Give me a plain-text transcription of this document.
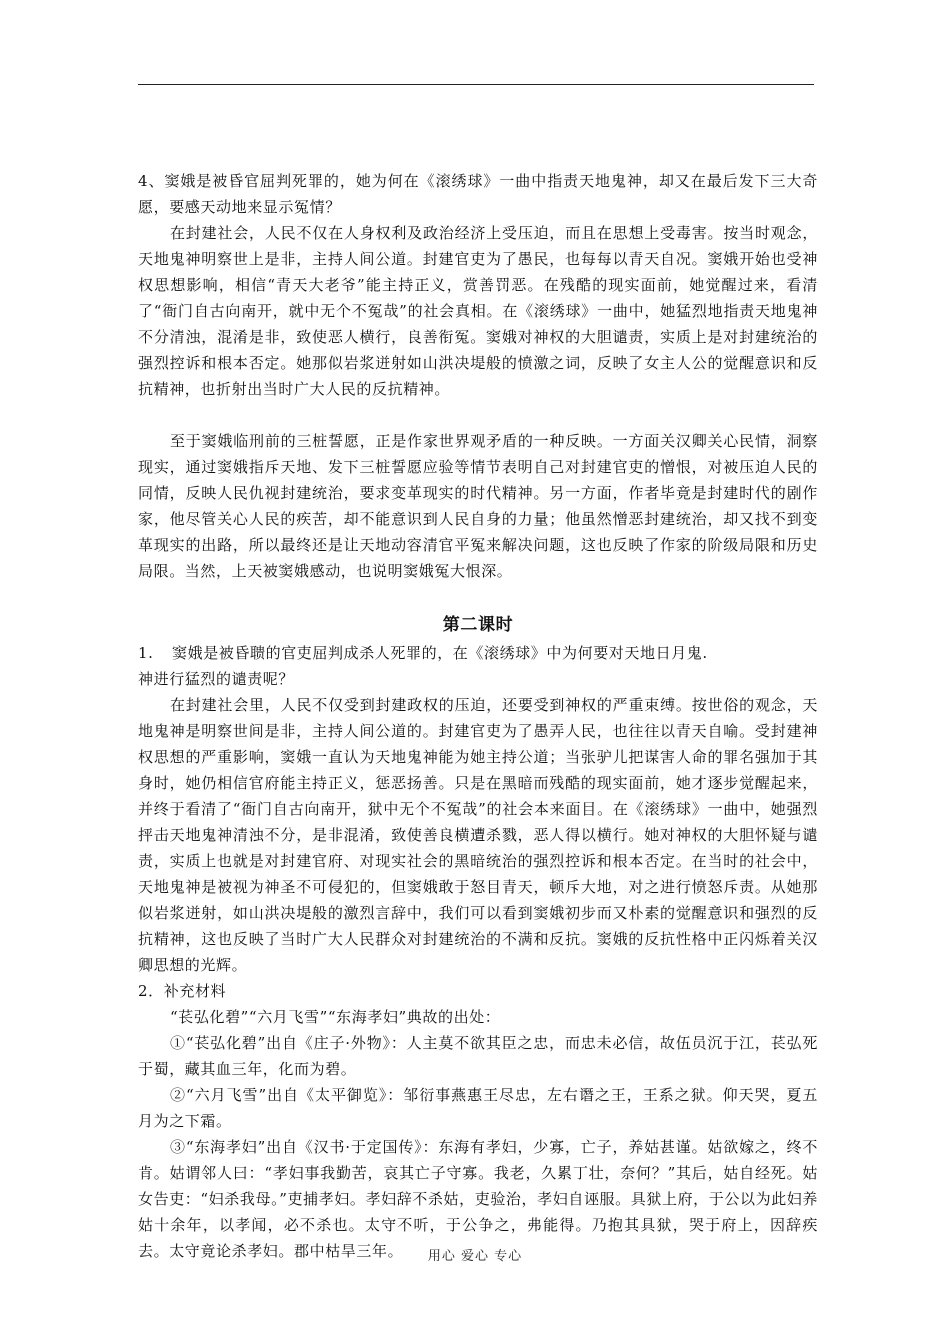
4、窦娥是被昏官屈判死罪的，她为何在《滚绣球》一曲中指责天地鬼神，却又在最后发下三大奇愿，要感天动地来显示冤情？

在封建社会，人民不仅在人身权利及政治经济上受压迫，而且在思想上受毒害。按当时观念，天地鬼神明察世上是非，主持人间公道。封建官吏为了愚民，也每每以青天自况。窦娥开始也受神权思想影响，相信“青天大老爷”能主持正义，赏善罚恶。在残酷的现实面前，她觉醒过来，看清了“衙门自古向南开，就中无个不冤哉”的社会真相。在《滚绣球》一曲中，她猛烈地指责天地鬼神不分清浊，混淆是非，致使恶人横行，良善衔冤。窦娥对神权的大胆谴责，实质上是对封建统治的强烈控诉和根本否定。她那似岩浆迸射如山洪决堤般的愤激之词，反映了女主人公的觉醒意识和反抗精神，也折射出当时广大人民的反抗精神。

至于窦娥临刑前的三桩誓愿，正是作家世界观矛盾的一种反映。一方面关汉卿关心民情，洞察现实，通过窦娥指斥天地、发下三桩誓愿应验等情节表明自己对封建官吏的憎恨，对被压迫人民的同情，反映人民仇视封建统治，要求变革现实的时代精神。另一方面，作者毕竟是封建时代的剧作家，他尽管关心人民的疾苦，却不能意识到人民自身的力量；他虽然憎恶封建统治，却又找不到变革现实的出路，所以最终还是让天地动容清官平冤来解决问题，这也反映了作家的阶级局限和历史局限。当然，上天被窦娥感动，也说明窦娥冤大恨深。

第二课时

1. 窦娥是被昏聩的官吏屈判成杀人死罪的，在《滚绣球》中为何要对天地日月鬼.

神进行猛烈的谴责呢？

在封建社会里，人民不仅受到封建政权的压迫，还要受到神权的严重束缚。按世俗的观念，天地鬼神是明察世间是非，主持人间公道的。封建官吏为了愚弄人民，也往往以青天自喻。受封建神权思想的严重影响，窦娥一直认为天地鬼神能为她主持公道；当张驴儿把谋害人命的罪名强加于其身时，她仍相信官府能主持正义，惩恶扬善。只是在黑暗而残酷的现实面前，她才逐步觉醒起来，并终于看清了“衙门自古向南开，狱中无个不冤哉”的社会本来面目。在《滚绣球》一曲中，她强烈抨击天地鬼神清浊不分，是非混淆，致使善良横遭杀戮，恶人得以横行。她对神权的大胆怀疑与谴责，实质上也就是对封建官府、对现实社会的黑暗统治的强烈控诉和根本否定。在当时的社会中，天地鬼神是被视为神圣不可侵犯的，但窦娥敢于怒目青天，顿斥大地，对之进行愤怒斥责。从她那似岩浆迸射，如山洪决堤般的激烈言辞中，我们可以看到窦娥初步而又朴素的觉醒意识和强烈的反抗精神，这也反映了当时广大人民群众对封建统治的不满和反抗。窦娥的反抗性格中正闪烁着关汉卿思想的光辉。

2．补充材料

“苌弘化碧”“六月飞雪”“东海孝妇”典故的出处：

①“苌弘化碧”出自《庄子·外物》：人主莫不欲其臣之忠，而忠未必信，故伍员沉于江，苌弘死于蜀，藏其血三年，化而为碧。

②“六月飞雪”出自《太平御览》：邹衍事燕惠王尽忠，左右谮之王，王系之狱。仰天哭，夏五月为之下霜。

③“东海孝妇”出自《汉书·于定国传》：东海有孝妇，少寡，亡子，养姑甚谨。姑欲嫁之，终不肯。姑谓邻人曰：“孝妇事我勤苦，哀其亡子守寡。我老，久累丁壮，奈何？”其后，姑自经死。姑女告吏：“妇杀我母。”吏捕孝妇。孝妇辞不杀姑，吏验治，孝妇自诬服。具狱上府，于公以为此妇养姑十余年，以孝闻，必不杀也。太守不听，于公争之，弗能得。乃抱其具狱，哭于府上，因辞疾去。太守竟论杀孝妇。郡中枯旱三年。	用心 爱心 专心
